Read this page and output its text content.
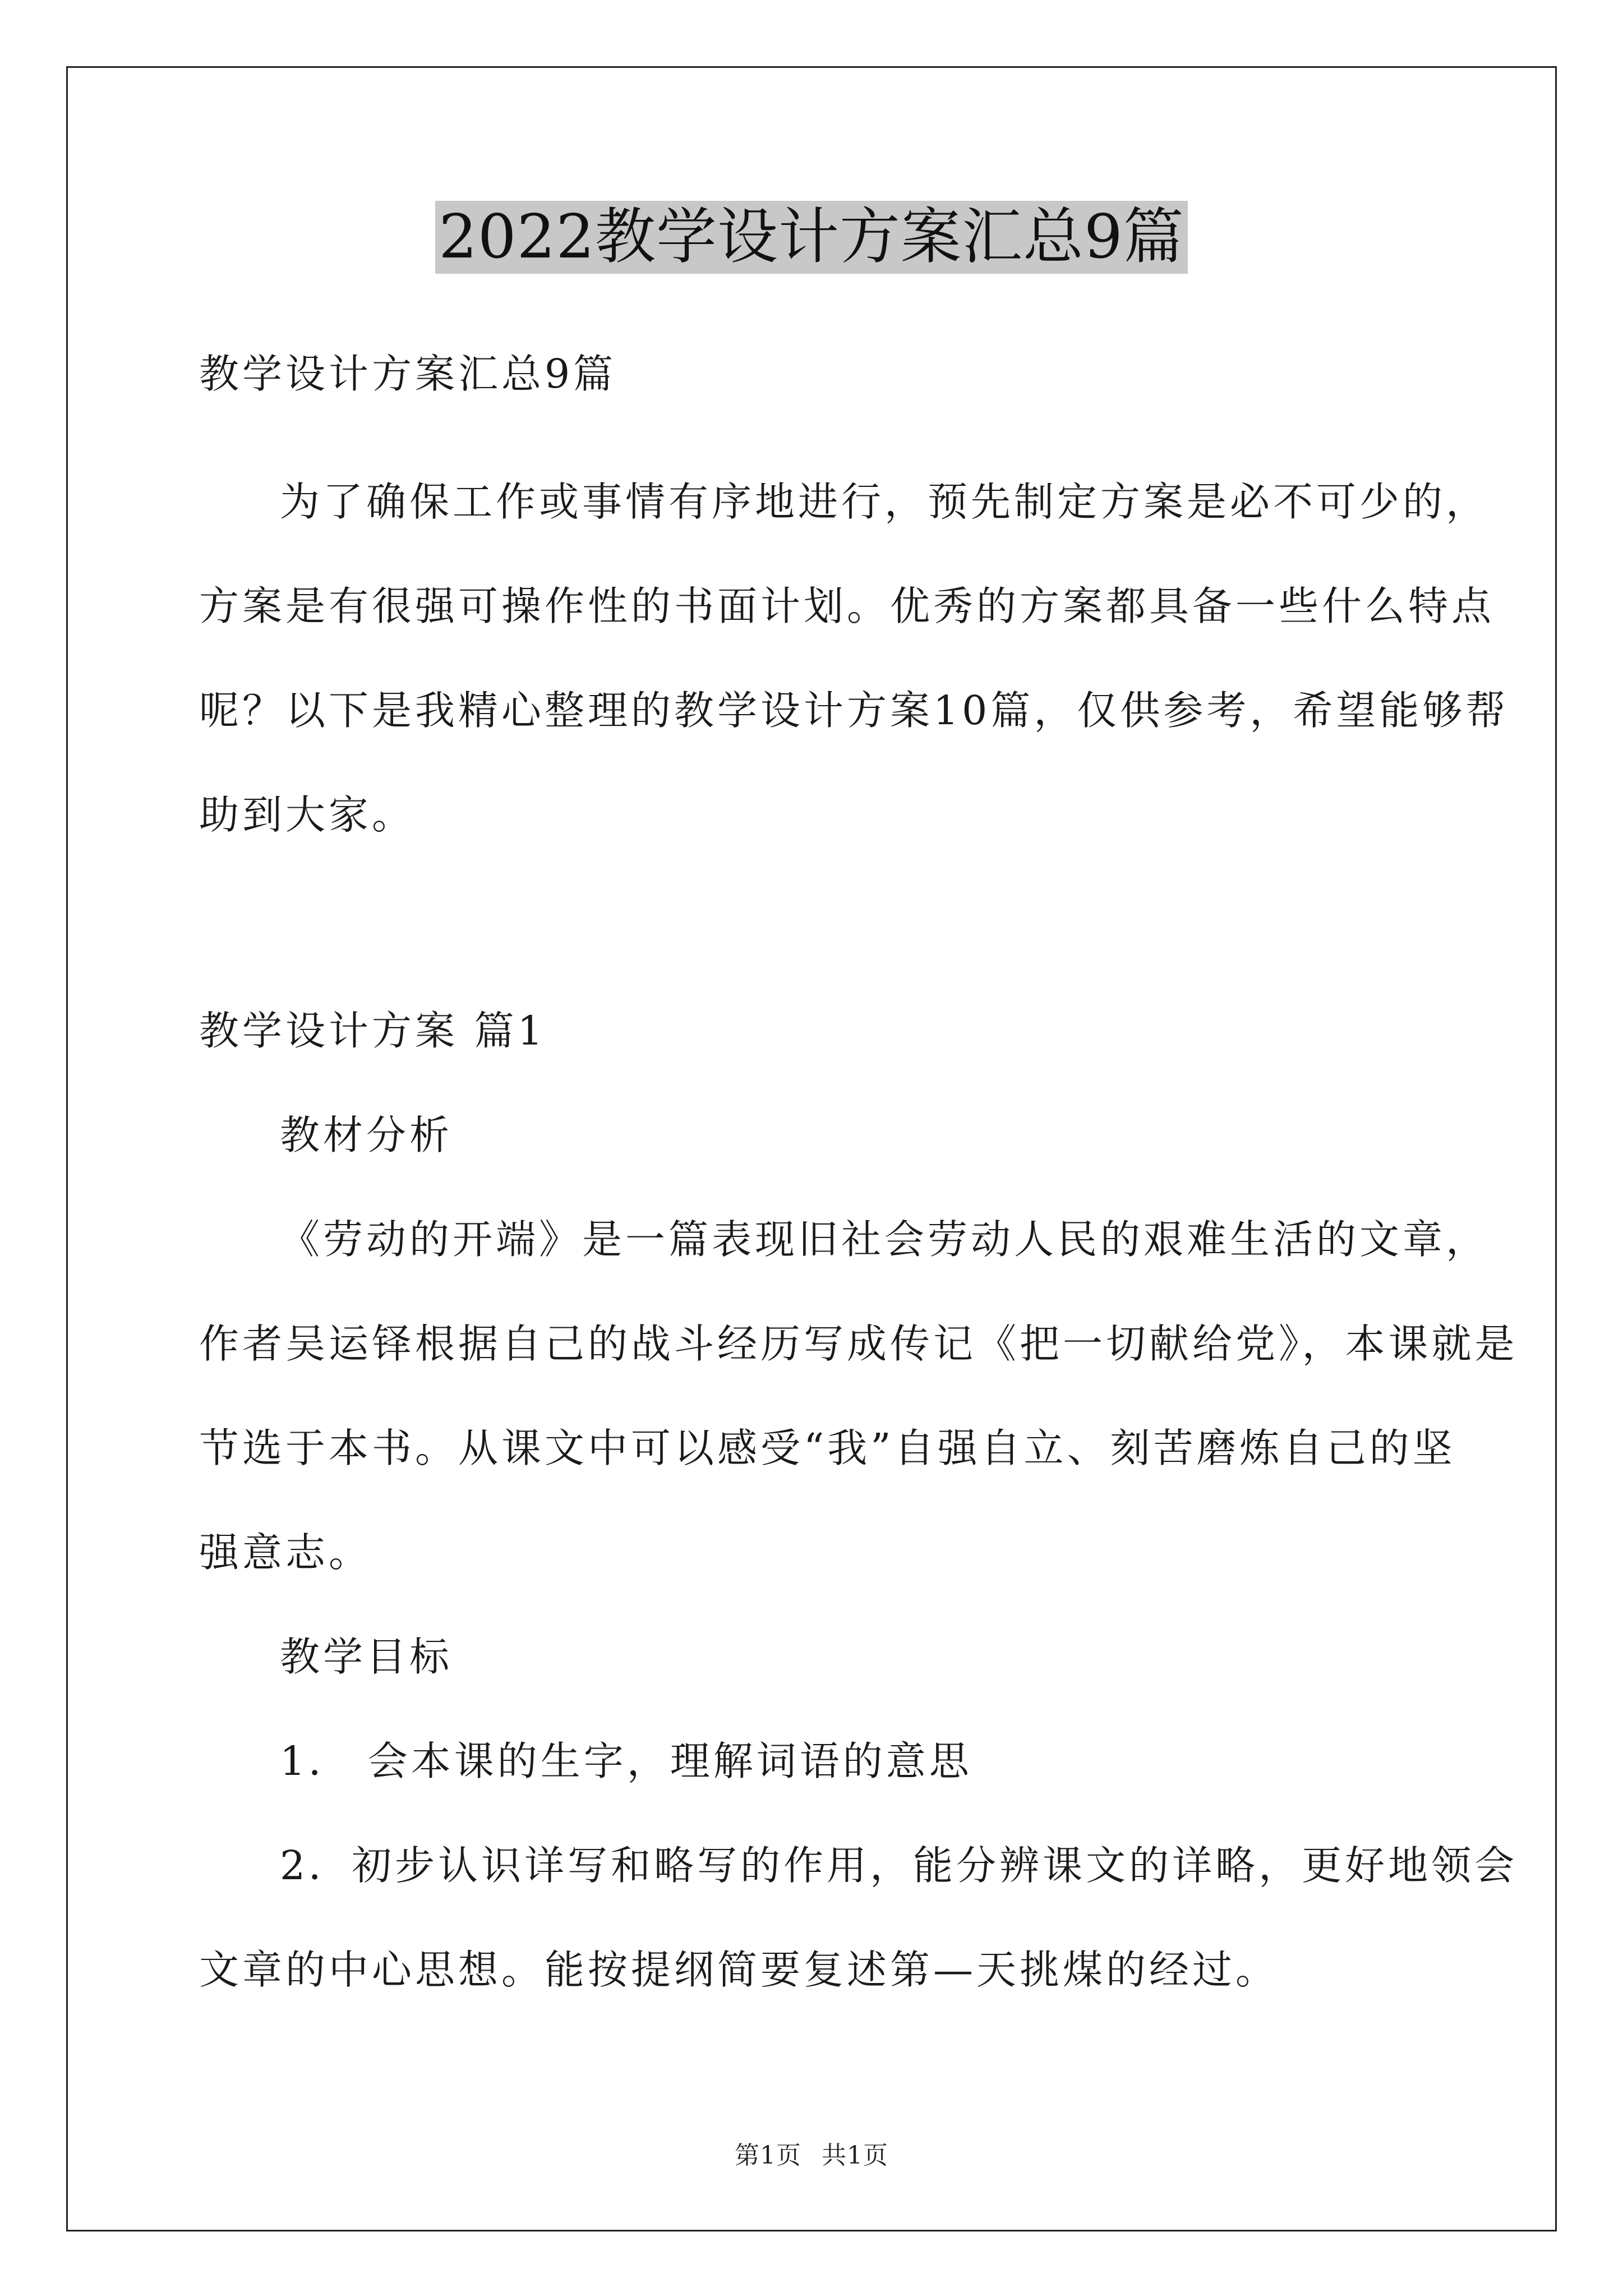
2022教学设计方案汇总9篇

教学设计方案汇总9篇

为了确保工作或事情有序地进行，预先制定方案是必不可少的，

方案是有很强可操作性的书面计划。优秀的方案都具备一些什么特点

呢？以下是我精心整理的教学设计方案10篇，仅供参考，希望能够帮

助到大家。

教学设计方案 篇1

教材分析

《劳动的开端》是一篇表现旧社会劳动人民的艰难生活的文章，

作者吴运铎根据自己的战斗经历写成传记《把一切献给党》，本课就是

节选于本书。从课文中可以感受“我”自强自立、刻苦磨炼自己的坚

强意志。

教学目标

1． 会本课的生字，理解词语的意思

2．初步认识详写和略写的作用，能分辨课文的详略，更好地领会

文章的中心思想。能按提纲简要复述第—天挑煤的经过。

第1页 共1页
